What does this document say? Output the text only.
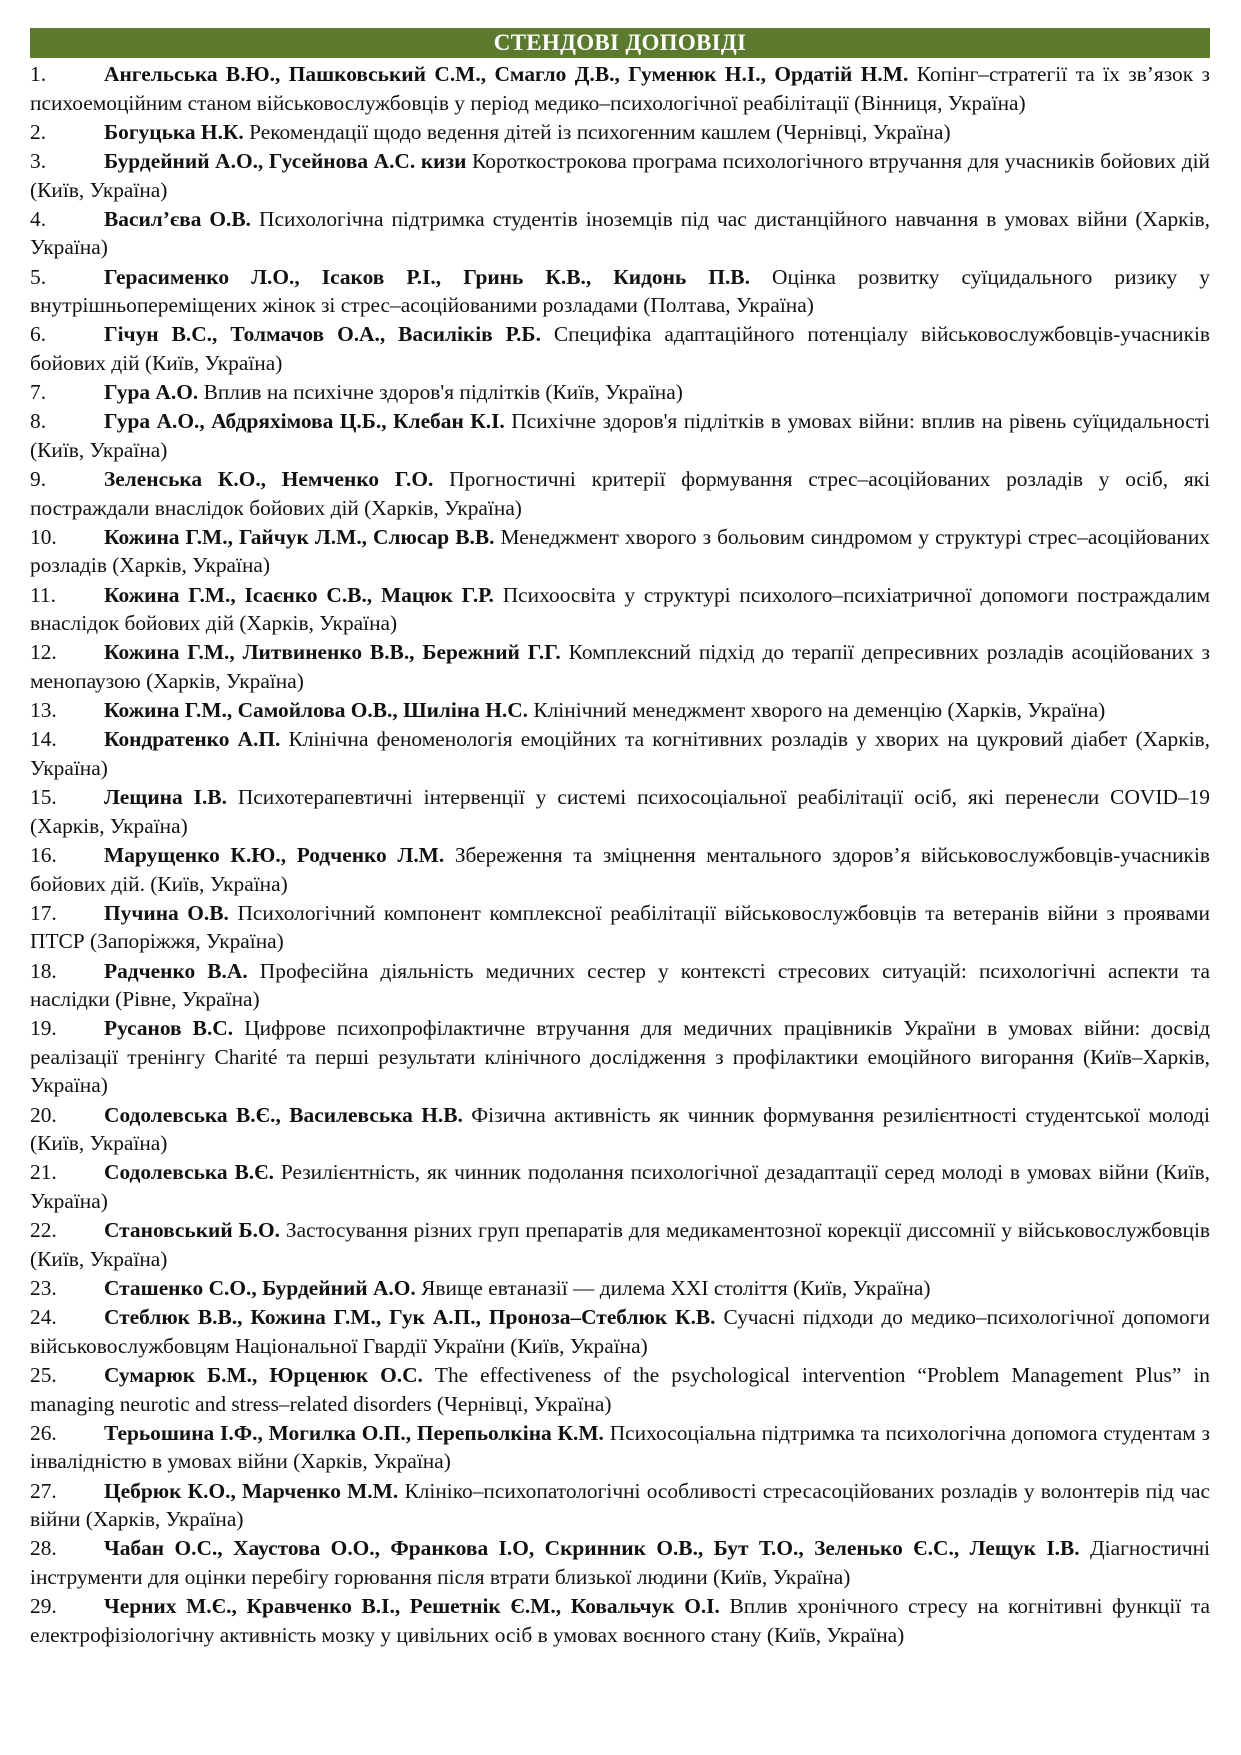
СТЕНДОВІ ДОПОВІДІ

1.	Ангельська В.Ю., Пашковський С.М., Смагло Д.В., Гуменюк Н.І., Ордатій Н.М. Копінг–стратегії та їх зв’язок з психоемоційним станом військовослужбовців у період медико–психологічної реабілітації (Вінниця, Україна)

2.	Богуцька Н.К. Рекомендації щодо ведення дітей із психогенним кашлем (Чернівці, Україна)

3.	Бурдейний А.О., Гусейнова А.С. кизи Короткострокова програма психологічного втручання для учасників бойових дій (Київ, Україна)

4.	Васил’єва О.В. Психологічна підтримка студентів іноземців під час дистанційного навчання в умовах війни (Харків, Україна)

5.	Герасименко Л.О., Ісаков Р.І., Гринь К.В., Кидонь П.В. Оцінка розвитку суїцидального ризику у внутрішньопереміщених жінок зі стрес–асоційованими розладами (Полтава, Україна)

6.	Гічун В.С., Толмачов О.А., Василіків Р.Б. Специфіка адаптаційного потенціалу військовослужбовців-учасників бойових дій (Київ, Україна)

7.	Гура А.О. Вплив на психічне здоров'я підлітків (Київ, Україна)

8.	Гура А.О., Абдряхімова Ц.Б., Клебан К.І. Психічне здоров'я підлітків в умовах війни: вплив на рівень суїцидальності (Київ, Україна)

9.	Зеленська К.О., Немченко Г.О. Прогностичні критерії формування стрес–асоційованих розладів у осіб, які постраждали внаслідок бойових дій (Харків, Україна)

10. Кожина Г.М., Гайчук Л.М., Слюсар В.В. Менеджмент хворого з больовим синдромом у структурі стрес–асоційованих розладів (Харків, Україна)

11. Кожина Г.М., Ісаєнко С.В., Мацюк Г.Р. Психоосвіта у структурі психолого–психіатричної допомоги постраждалим внаслідок бойових дій (Харків, Україна)

12. Кожина Г.М., Литвиненко В.В., Бережний Г.Г. Комплексний підхід до терапії депресивних розладів асоційованих з менопаузою (Харків, Україна)

13. Кожина Г.М., Самойлова О.В., Шиліна Н.С. Клінічний менеджмент хворого на деменцію (Харків, Україна)

14. Кондратенко А.П. Клінічна феноменологія емоційних та когнітивних розладів у хворих на цукровий діабет (Харків, Україна)

15. Лещина І.В. Психотерапевтичні інтервенції у системі психосоціальної реабілітації осіб, які перенесли COVID–19 (Харків, Україна)

16. Марущенко К.Ю., Родченко Л.М. Збереження та зміцнення ментального здоров’я військовослужбовців-учасників бойових дій. (Київ, Україна)

17. Пучина О.В. Психологічний компонент комплексної реабілітації військовослужбовців та ветеранів війни з проявами ПТСР (Запоріжжя, Україна)

18. Радченко В.А. Професійна діяльність медичних сестер у контексті стресових ситуацій: психологічні аспекти та наслідки (Рівне, Україна)

19. Русанов В.С. Цифрове психопрофілактичне втручання для медичних працівників України в умовах війни: досвід реалізації тренінгу Charité та перші результати клінічного дослідження з профілактики емоційного вигорання (Київ–Харків, Україна)

20. Содолевська В.Є., Василевська Н.В. Фізична активність як чинник формування резилієнтності студентської молоді (Київ, Україна)

21. Содолевська В.Є. Резилієнтність, як чинник подолання психологічної дезадаптації серед молоді в умовах війни (Київ, Україна)

22. Становський Б.О. Застосування різних груп препаратів для медикаментозної корекції диссомнії у військовослужбовців (Київ, Україна)

23. Сташенко С.О., Бурдейний А.О. Явище евтаназії — дилема ХХІ століття (Київ, Україна)

24. Стеблюк В.В., Кожина Г.М., Гук А.П., Проноза–Стеблюк К.В. Сучасні підходи до медико–психологічної допомоги військовослужбовцям Національної Гвардії України (Київ, Україна)

25. Сумарюк Б.М., Юрценюк О.С. The effectiveness of the psychological intervention “Problem Management Plus” in managing neurotic and stress–related disorders (Чернівці, Україна)

26. Терьошина І.Ф., Могилка О.П., Перепьолкіна К.М. Психосоціальна підтримка та психологічна допомога студентам з інвалідністю в умовах війни (Харків, Україна)

27. Цебрюк К.О., Марченко М.М. Клініко–психопатологічні особливості стресасоційованих розладів у волонтерів під час війни (Харків, Україна)

28. Чабан О.С., Хаустова О.О., Франкова І.О, Скринник О.В., Бут Т.О., Зеленько Є.С., Лещук І.В. Діагностичні інструменти для оцінки перебігу горювання після втрати близької людини (Київ, Україна)

29. Черних М.Є., Кравченко В.І., Решетнік Є.М., Ковальчук О.І. Вплив хронічного стресу на когнітивні функції та електрофізіологічну активність мозку у цивільних осіб в умовах воєнного стану (Київ, Україна)
